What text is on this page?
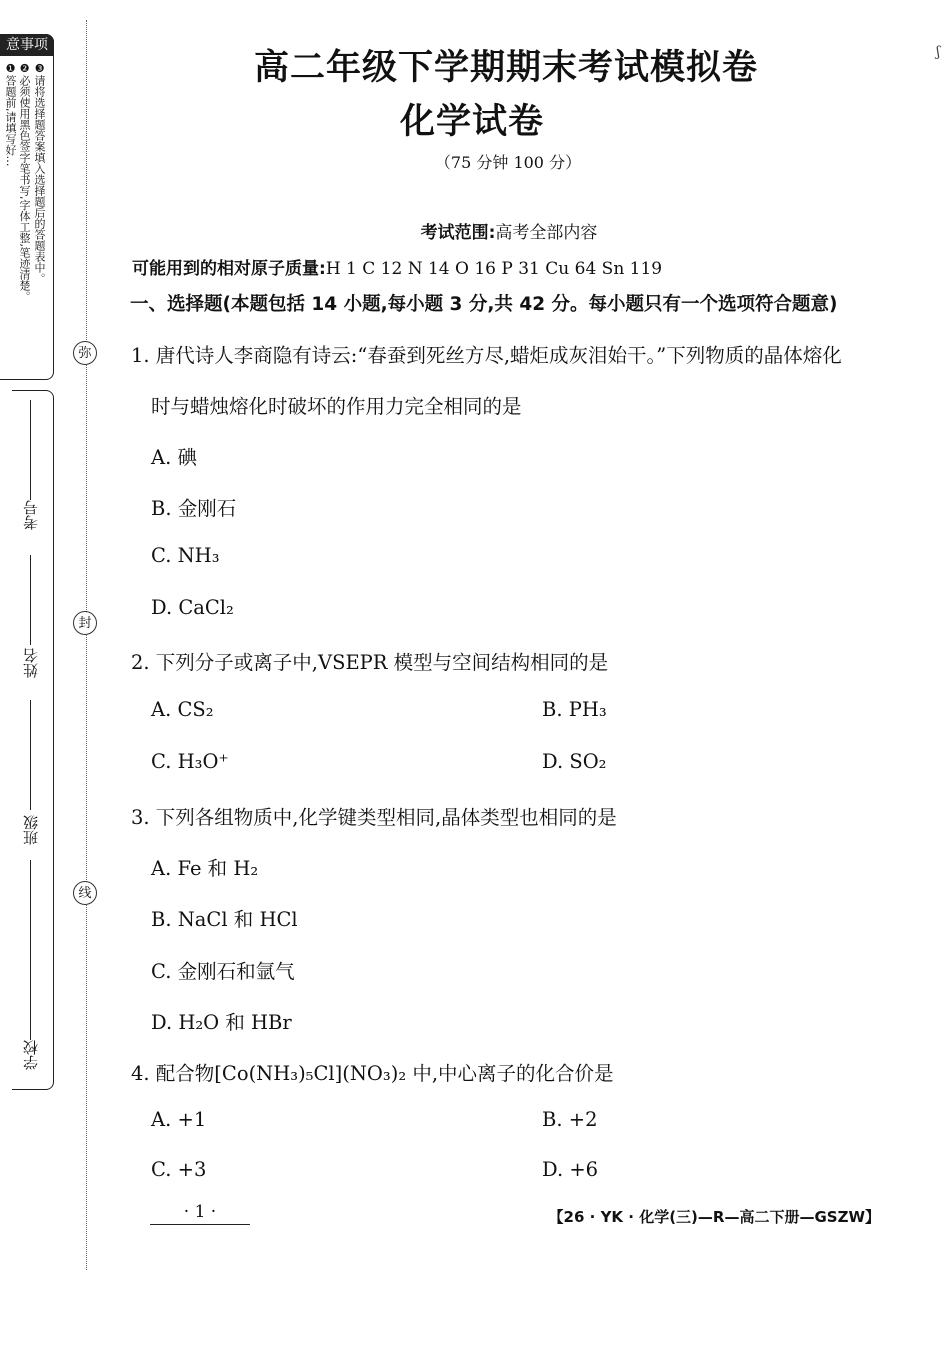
意事项
❸请将选择题答案填入选择题后的答题表中。
❷必须使用黑色签字笔书写,字体工整,笔迹清楚。
❶答题前,请填写好…
考号
姓名
班级
学校
弥
封
线
ʃ
高二年级下学期期末考试模拟卷
化学试卷
（75 分钟 100 分）
考试范围:高考全部内容
可能用到的相对原子质量:H 1 C 12 N 14 O 16 P 31 Cu 64 Sn 119
一、选择题(本题包括 14 小题,每小题 3 分,共 42 分。每小题只有一个选项符合题意)
1. 唐代诗人李商隐有诗云:“春蚕到死丝方尽,蜡炬成灰泪始干。”下列物质的晶体熔化
时与蜡烛熔化时破坏的作用力完全相同的是
A. 碘
B. 金刚石
C. NH₃
D. CaCl₂
2. 下列分子或离子中,VSEPR 模型与空间结构相同的是
A. CS₂	B. PH₃
C. H₃O⁺	D. SO₂
3. 下列各组物质中,化学键类型相同,晶体类型也相同的是
A. Fe 和 H₂
B. NaCl 和 HCl
C. 金刚石和氩气
D. H₂O 和 HBr
4. 配合物[Co(NH₃)₅Cl](NO₃)₂ 中,中心离子的化合价是
A. +1	B. +2
C. +3	D. +6
· 1 ·	【26 · YK · 化学(三)—R—高二下册—GSZW】
